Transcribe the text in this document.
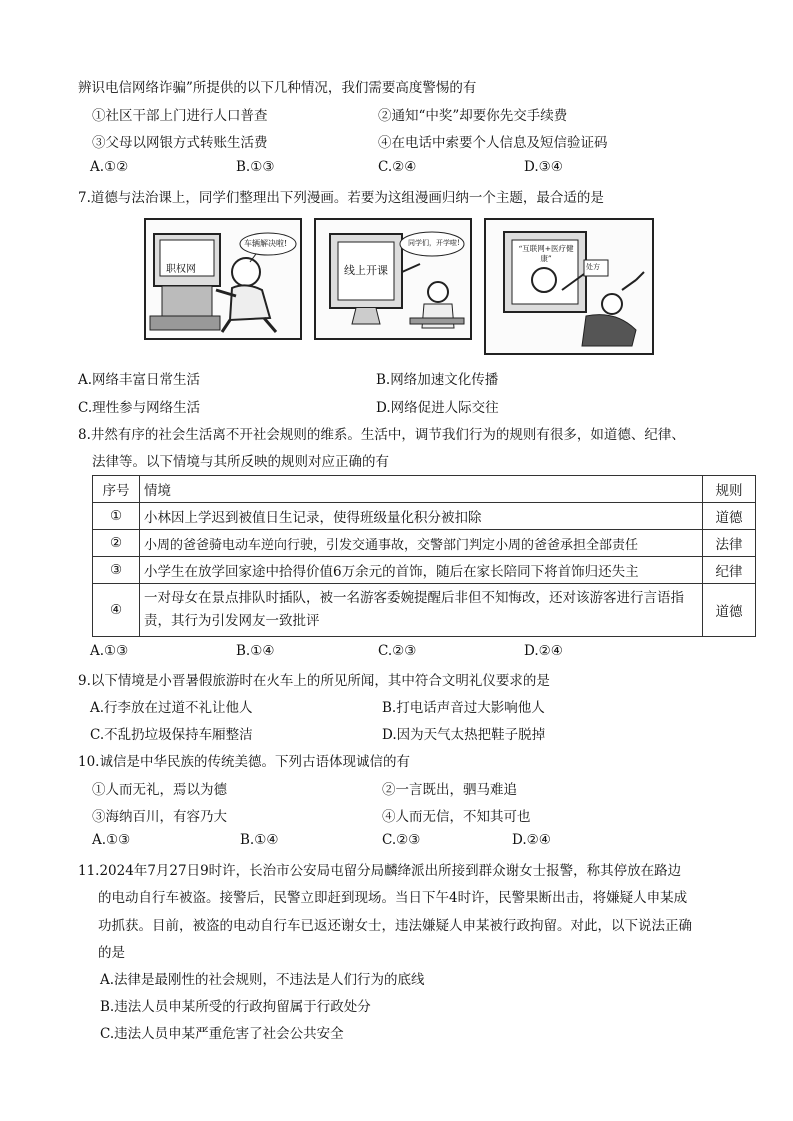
辨识电信网络诈骗”所提供的以下几种情况，我们需要高度警惕的有
①社区干部上门进行人口普查	②通知“中奖”却要你先交手续费
③父母以网银方式转账生活费	④在电话中索要个人信息及短信验证码
A.①②	B.①③	C.②④	D.③④
7.道德与法治课上，同学们整理出下列漫画。若要为这组漫画归纳一个主题，最合适的是
职权网
车辆解决啦!
线上开课
同学们，开学啦!
“互联网+医疗健康”
处方
A.网络丰富日常生活	B.网络加速文化传播
C.理性参与网络生活	D.网络促进人际交往
8.井然有序的社会生活离不开社会规则的维系。生活中，调节我们行为的规则有很多，如道德、纪律、
法律等。以下情境与其所反映的规则对应正确的有
序号	情境	规则
①	小林因上学迟到被值日生记录，使得班级量化积分被扣除	道德
②	小周的爸爸骑电动车逆向行驶，引发交通事故，交警部门判定小周的爸爸承担全部责任	法律
③	小学生在放学回家途中拾得价值6万余元的首饰，随后在家长陪同下将首饰归还失主	纪律
④	一对母女在景点排队时插队，被一名游客委婉提醒后非但不知悔改，还对该游客进行言语指责，其行为引发网友一致批评	道德
A.①③	B.①④	C.②③	D.②④
9.以下情境是小晋暑假旅游时在火车上的所见所闻，其中符合文明礼仪要求的是
A.行李放在过道不礼让他人	B.打电话声音过大影响他人
C.不乱扔垃圾保持车厢整洁	D.因为天气太热把鞋子脱掉
10.诚信是中华民族的传统美德。下列古语体现诚信的有
①人而无礼，焉以为德	②一言既出，驷马难追
③海纳百川，有容乃大	④人而无信，不知其可也
A.①③	B.①④	C.②③	D.②④
11.2024年7月27日9时许，长治市公安局屯留分局麟绛派出所接到群众谢女士报警，称其停放在路边
的电动自行车被盗。接警后，民警立即赶到现场。当日下午4时许，民警果断出击，将嫌疑人申某成
功抓获。目前，被盗的电动自行车已返还谢女士，违法嫌疑人申某被行政拘留。对此，以下说法正确
的是
A.法律是最刚性的社会规则，不违法是人们行为的底线
B.违法人员申某所受的行政拘留属于行政处分
C.违法人员申某严重危害了社会公共安全
